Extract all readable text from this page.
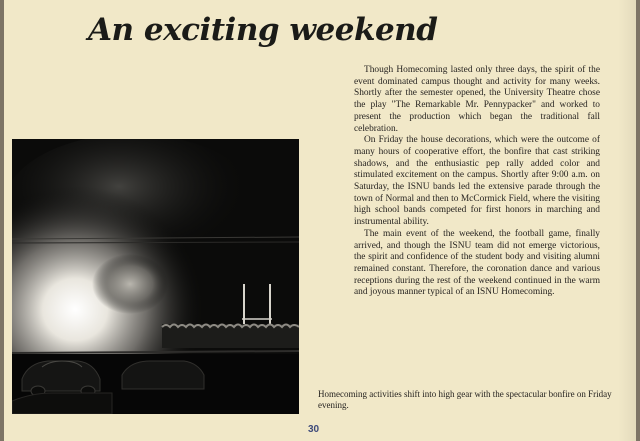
An exciting weekend

Though Homecoming lasted only three days, the spirit of the event dominated campus thought and activity for many weeks. Shortly after the semester opened, the University Theatre chose the play "The Remarkable Mr. Pennypacker" and worked to present the production which began the traditional fall celebration.

On Friday the house decorations, which were the outcome of many hours of cooperative effort, the bonfire that cast striking shadows, and the enthusiastic pep rally added color and stimulated excitement on the campus. Shortly after 9:00 a.m. on Saturday, the ISNU bands led the extensive parade through the town of Normal and then to McCormick Field, where the visiting high school bands competed for first honors in marching and instrumental ability.

The main event of the weekend, the football game, finally arrived, and though the ISNU team did not emerge victorious, the spirit and confidence of the student body and visiting alumni remained constant. Therefore, the coronation dance and various receptions during the rest of the weekend continued in the warm and joyous manner typical of an ISNU Homecoming.

Homecoming activities shift into high gear with the spectacular bonfire on Friday evening.
30
